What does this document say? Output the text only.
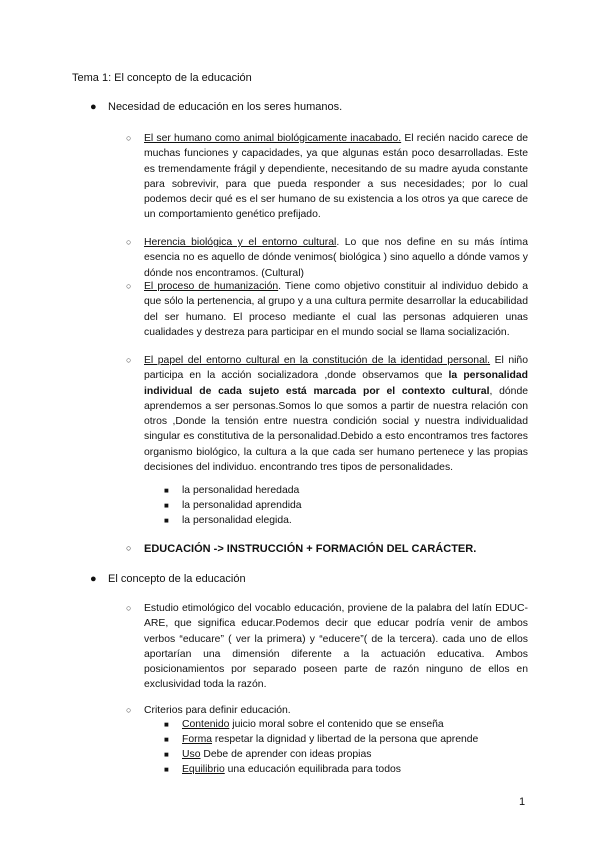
Tema 1: El concepto de la educación
● Necesidad de educación en los seres humanos.
○ El ser humano como animal biológicamente inacabado. El recién nacido carece de muchas funciones y capacidades, ya que algunas están poco desarrolladas. Este es tremendamente frágil y dependiente, necesitando de su madre ayuda constante para sobrevivir, para que pueda responder a sus necesidades; por lo cual podemos decir qué es el ser humano de su existencia a los otros ya que carece de un comportamiento genético prefijado.
○ Herencia biológica y el entorno cultural. Lo que nos define en su más íntima esencia no es aquello de dónde venimos( biológica ) sino aquello a dónde vamos y dónde nos encontramos. (Cultural)
○ El proceso de humanización. Tiene como objetivo constituir al individuo debido a que sólo la pertenencia, al grupo y a una cultura permite desarrollar la educabilidad del ser humano. El proceso mediante el cual las personas adquieren unas cualidades y destreza para participar en el mundo social se llama socialización.
○ El papel del entorno cultural en la constitución de la identidad personal. El niño participa en la acción socializadora ,donde observamos que la personalidad individual de cada sujeto está marcada por el contexto cultural, dónde aprendemos a ser personas.Somos lo que somos a partir de nuestra relación con otros ,Donde la tensión entre nuestra condición social y nuestra individualidad singular es constitutiva de la personalidad.Debido a esto encontramos tres factores organismo biológico, la cultura a la que cada ser humano pertenece y las propias decisiones del individuo. encontrando tres tipos de personalidades.
■ la personalidad heredada
■ la personalidad aprendida
■ la personalidad elegida.
○ EDUCACIÓN -> INSTRUCCIÓN + FORMACIÓN DEL CARÁCTER.
● El concepto de la educación
○ Estudio etimológico del vocablo educación, proviene de la palabra del latín EDUC-ARE, que significa educar.Podemos decir que educar podría venir de ambos verbos “educare” ( ver la primera) y “educere”( de la tercera). cada uno de ellos aportarían una dimensión diferente a la actuación educativa. Ambos posicionamientos por separado poseen parte de razón ninguno de ellos en exclusividad toda la razón.
○ Criterios para definir educación.
■ Contenido juicio moral sobre el contenido que se enseña
■ Forma respetar la dignidad y libertad de la persona que aprende
■ Uso Debe de aprender con ideas propias
■ Equilibrio una educación equilibrada para todos
1
